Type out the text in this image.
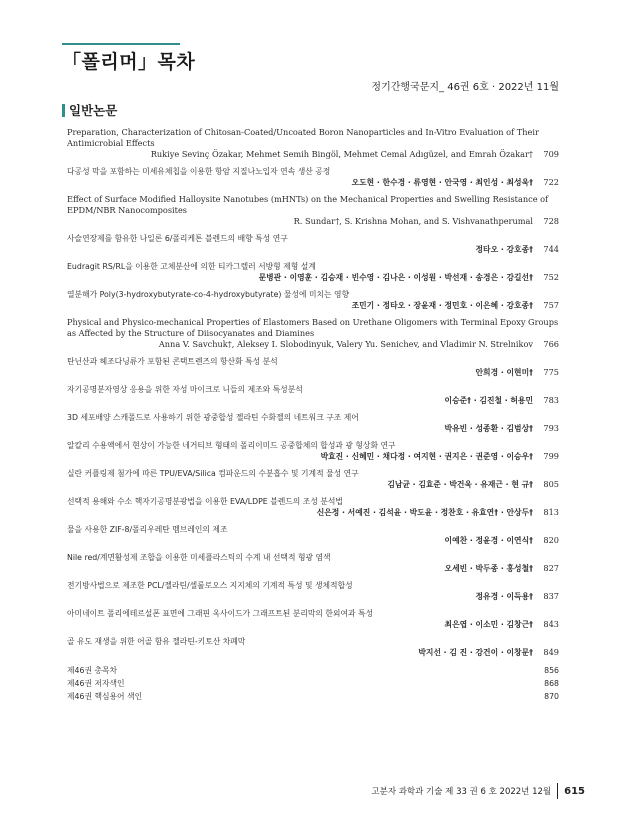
「폴리머」목차
정기간행국문지_ 46권 6호 · 2022년 11월
일반논문
Preparation, Characterization of Chitosan-Coated/Uncoated Boron Nanoparticles and In-Vitro Evaluation of Their Antimicrobial Effects
Rukiye Sevinç Özakar, Mehmet Semih Bingöl, Mehmet Cemal Adıgüzel, and Emrah Özakar†	709
다공성 막을 포함하는 미세유체칩을 이용한 항암 지질나노입자 연속 생산 공정
오도현 · 한수경 · 류영현 · 안국영 · 최인성 · 최성욱†	722
Effect of Surface Modified Halloysite Nanotubes (mHNTs) on the Mechanical Properties and Swelling Resistance of EPDM/NBR Nanocomposites
R. Sundar†, S. Krishna Mohan, and S. Vishvanathperumal	728
사슬연장제를 함유한 나일론 6/폴리케톤 블렌드의 배향 특성 연구
정타오 · 강호종†	744
Eudragit RS/RL을 이용한 고체분산에 의한 티카그렐러 서방형 제형 설계
문병관 · 이영훈 · 김승재 · 빈수영 · 김나은 · 이성원 · 박선재 · 송경은 · 강길선†	752
열분해가 Poly(3-hydroxybutyrate-co-4-hydroxybutyrate) 물성에 미치는 영향
조민기 · 정타오 · 장윤재 · 정민호 · 이은혜 · 강호종†	757
Physical and Physico-mechanical Properties of Elastomers Based on Urethane Oligomers with Terminal Epoxy Groups as Affected by the Structure of Diisocyanates and Diamines
Anna V. Savchuk†, Aleksey I. Slobodinyuk, Valery Yu. Senichev, and Vladimir N. Strelnikov	766
탄닌산과 헤조다닝류가 포함된 콘택트렌즈의 항산화 특성 분석
안희경 · 이현미†	775
자기공명분자영상 응용을 위한 자성 마이크로 니들의 제조와 특성분석
이승준† · 김진철 · 허용민	783
3D 세포배양 스캐폴드로 사용하기 위한 광중합성 젤라틴 수화젤의 네트워크 구조 제어
박유빈 · 성종환 · 김범상†	793
알칼리 수용액에서 현상이 가능한 네거티브 형태의 폴리이미드 공중합체의 합성과 광 형상화 연구
박효진 · 신혜민 · 채다정 · 여지현 · 권지은 · 권준영 · 이승우†	799
실란 커플링제 첨가에 따른 TPU/EVA/Silica 컴파운드의 수분흡수 및 기계적 물성 연구
김남균 · 김효준 · 박건욱 · 유재근 · 현 규†	805
선택적 용해와 수소 핵자기공명분광법을 이용한 EVA/LDPE 블렌드의 조성 분석법
신은정 · 서예진 · 김석윤 · 박도윤 · 정찬호 · 유효연† · 안상두†	813
물을 사용한 ZIF-8/폴리우레탄 멤브레인의 제조
이예찬 · 정윤경 · 이연식†	820
Nile red/계면활성제 조합을 이용한 미세플라스틱의 수계 내 선택적 형광 염색
오세빈 · 박두종 · 홍성철†	827
전기방사법으로 제조한 PCL/젤라틴/셀룰로오스 지지체의 기계적 특성 및 생체적합성
정유경 · 이득용†	837
아미네이트 폴리에테르설폰 표면에 그래핀 옥사이드가 그래프트된 분리막의 한외여과 특성
최은엽 · 이소민 · 김창근†	843
골 유도 재생을 위한 어골 함유 젤라틴-키토산 차폐막
박지선 · 김 진 · 강건이 · 이창문†	849
제46권 총목차	856
제46권 저자색인	868
제46권 핵심용어 색인	870
고분자 과학과 기술 제 33 권 6 호 2022년 12월 615
